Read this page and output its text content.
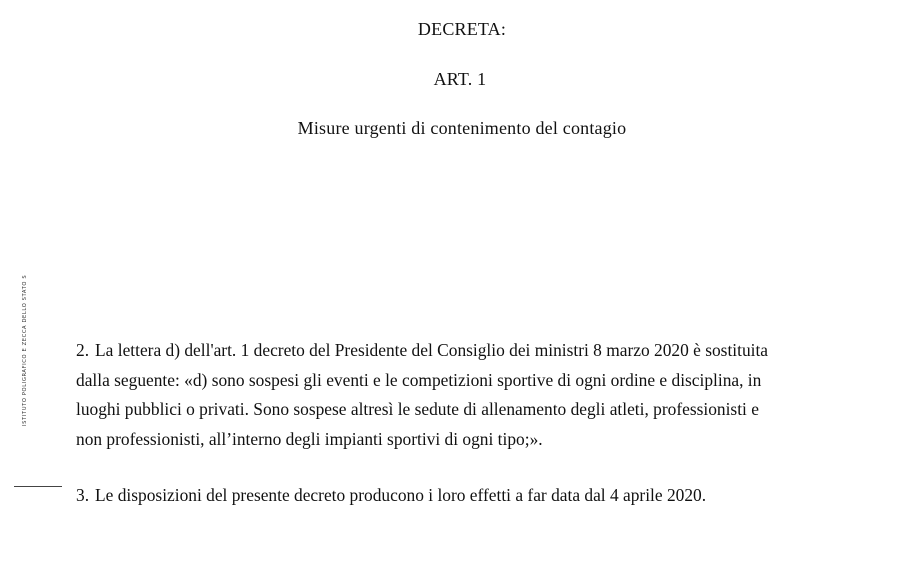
DECRETA:
ART. 1
Misure urgenti di contenimento del contagio
ISTITUTO POLIGRAFICO E ZECCA DELLO STATO S	2. La lettera d) dell'art. 1 decreto del Presidente del Consiglio dei ministri 8 marzo 2020 è sostituita
dalla seguente: «d) sono sospesi gli eventi e le competizioni sportive di ogni ordine e disciplina, in
luoghi pubblici o privati. Sono sospese altresì le sedute di allenamento degli atleti, professionisti e
non professionisti, all’interno degli impianti sportivi di ogni tipo;».
3. Le disposizioni del presente decreto producono i loro effetti a far data dal 4 aprile 2020.
